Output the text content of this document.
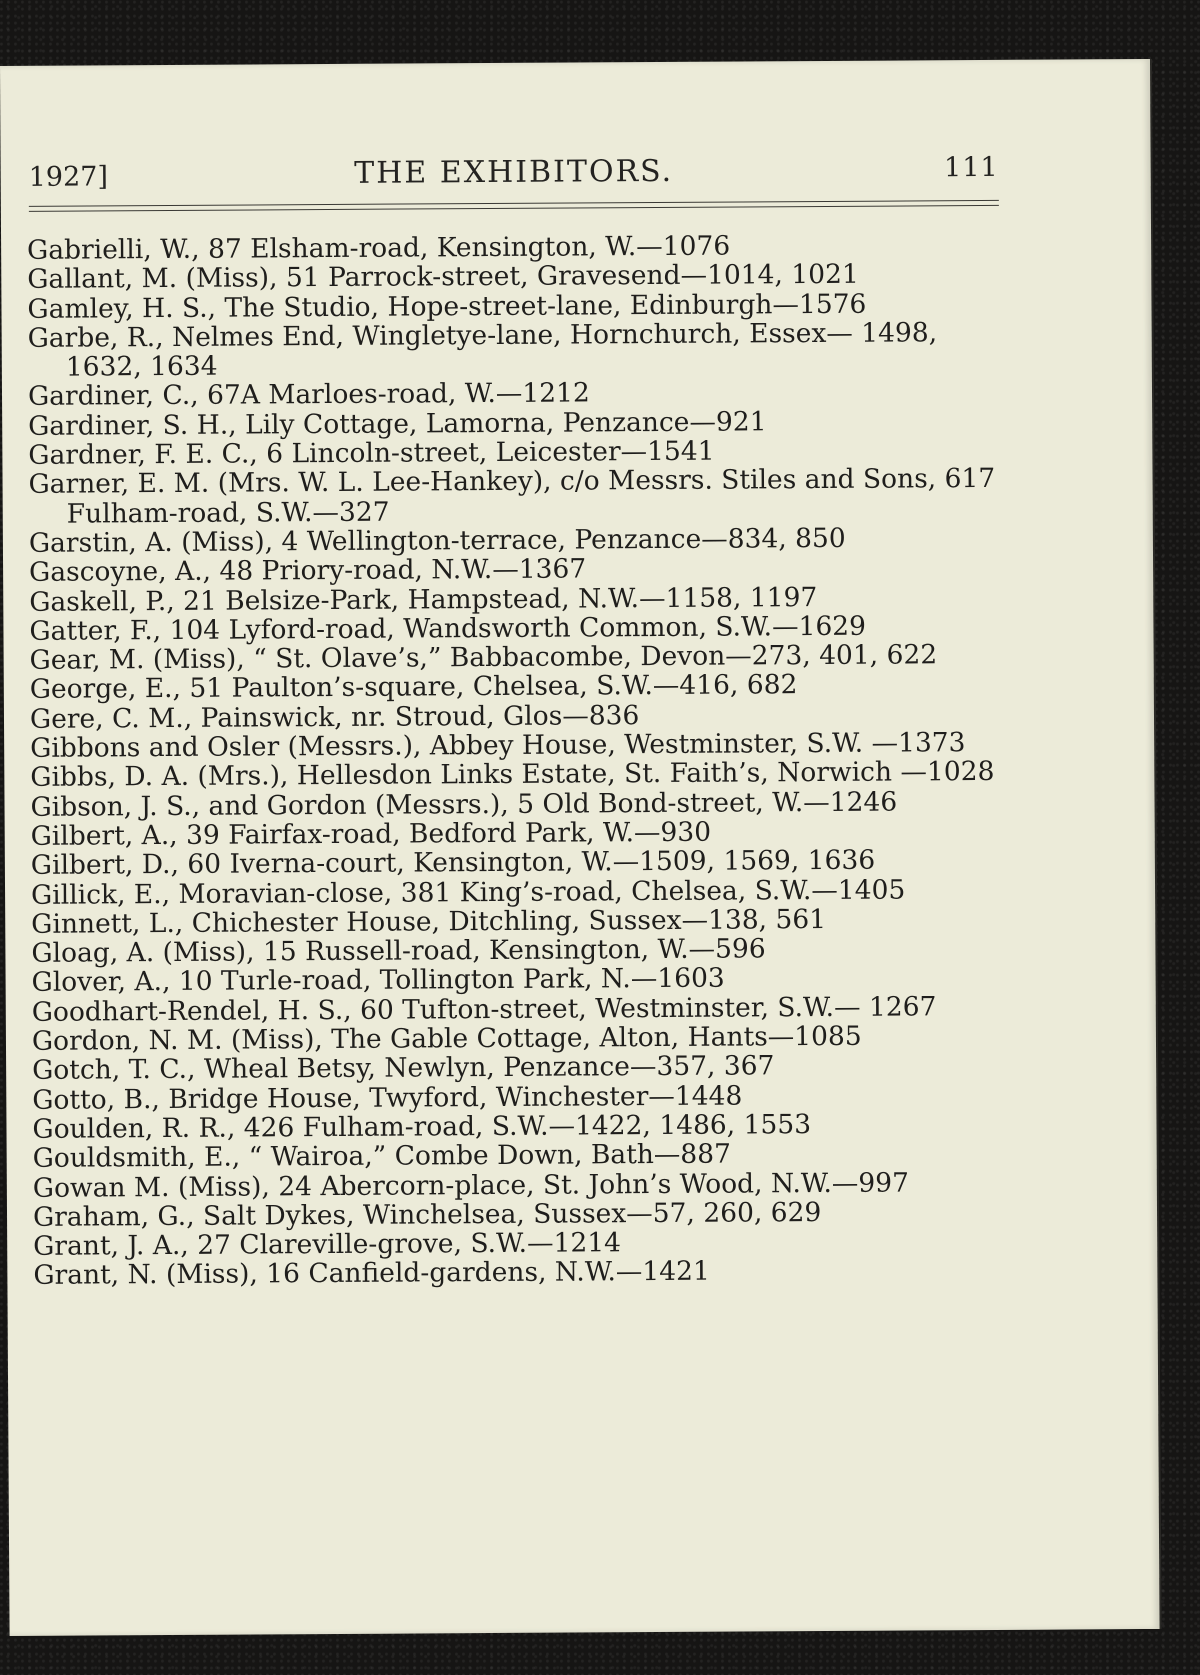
1927]	THE EXHIBITORS.	111
Gabrielli, W., 87 Elsham-road, Kensington, W.—1076
Gallant, M. (Miss), 51 Parrock-street, Gravesend—1014, 1021
Gamley, H. S., The Studio, Hope-street-lane, Edinburgh—1576
Garbe, R., Nelmes End, Wingletye-lane, Hornchurch, Essex— 1498, 1632, 1634
Gardiner, C., 67A Marloes-road, W.—1212
Gardiner, S. H., Lily Cottage, Lamorna, Penzance—921
Gardner, F. E. C., 6 Lincoln-street, Leicester—1541
Garner, E. M. (Mrs. W. L. Lee-Hankey), c/o Messrs. Stiles and Sons, 617 Fulham-road, S.W.—327
Garstin, A. (Miss), 4 Wellington-terrace, Penzance—834, 850
Gascoyne, A., 48 Priory-road, N.W.—1367
Gaskell, P., 21 Belsize-Park, Hampstead, N.W.—1158, 1197
Gatter, F., 104 Lyford-road, Wandsworth Common, S.W.—1629
Gear, M. (Miss), “ St. Olave’s,” Babbacombe, Devon—273, 401, 622
George, E., 51 Paulton’s-square, Chelsea, S.W.—416, 682
Gere, C. M., Painswick, nr. Stroud, Glos—836
Gibbons and Osler (Messrs.), Abbey House, Westminster, S.W. —1373
Gibbs, D. A. (Mrs.), Hellesdon Links Estate, St. Faith’s, Norwich —1028
Gibson, J. S., and Gordon (Messrs.), 5 Old Bond-street, W.—1246
Gilbert, A., 39 Fairfax-road, Bedford Park, W.—930
Gilbert, D., 60 Iverna-court, Kensington, W.—1509, 1569, 1636
Gillick, E., Moravian-close, 381 King’s-road, Chelsea, S.W.—1405
Ginnett, L., Chichester House, Ditchling, Sussex—138, 561
Gloag, A. (Miss), 15 Russell-road, Kensington, W.—596
Glover, A., 10 Turle-road, Tollington Park, N.—1603
Goodhart-Rendel, H. S., 60 Tufton-street, Westminster, S.W.— 1267
Gordon, N. M. (Miss), The Gable Cottage, Alton, Hants—1085
Gotch, T. C., Wheal Betsy, Newlyn, Penzance—357, 367
Gotto, B., Bridge House, Twyford, Winchester—1448
Goulden, R. R., 426 Fulham-road, S.W.—1422, 1486, 1553
Gouldsmith, E., “ Wairoa,” Combe Down, Bath—887
Gowan M. (Miss), 24 Abercorn-place, St. John’s Wood, N.W.—997
Graham, G., Salt Dykes, Winchelsea, Sussex—57, 260, 629
Grant, J. A., 27 Clareville-grove, S.W.—1214
Grant, N. (Miss), 16 Canfield-gardens, N.W.—1421
